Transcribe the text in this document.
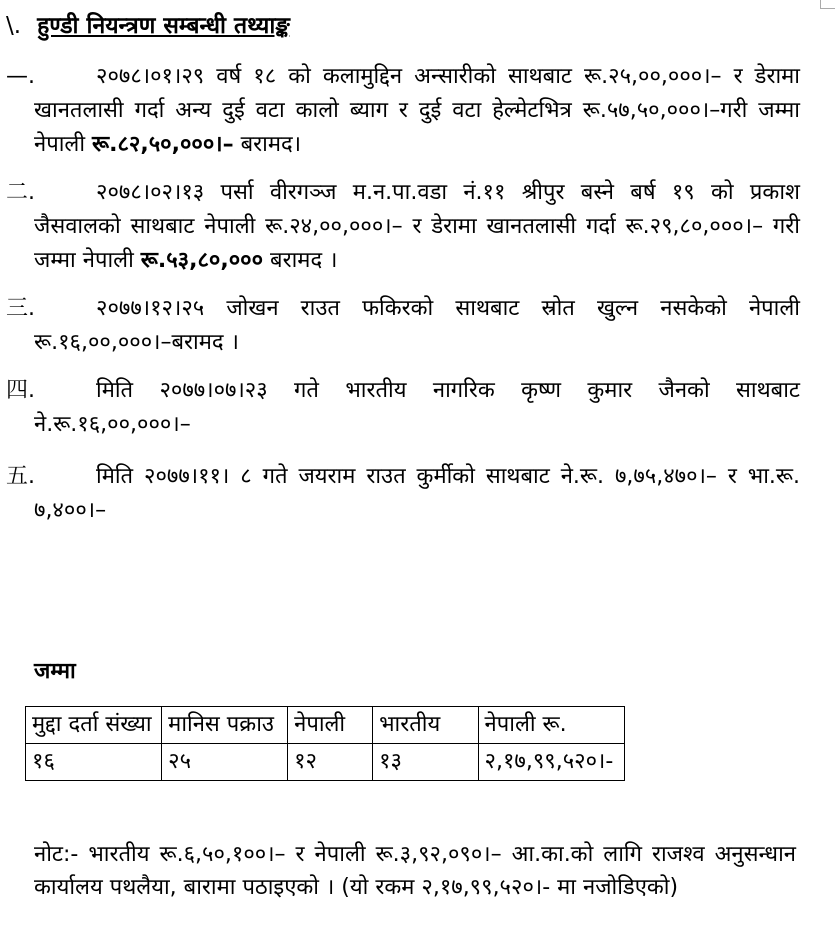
\. हुण्डी नियन्त्रण सम्बन्धी तथ्याङ्क
—.	२०७८।०१।२९ वर्ष १८ को कलामुद्दिन अन्सारीको साथबाट रू.२५,००,०००।– र डेरामा खानतलासी गर्दा अन्य दुई वटा कालो ब्याग र दुई वटा हेल्मेटभित्र रू.५७,५०,०००।–गरी जम्मा नेपाली रू.८२,५०,०००।– बरामद।
二.	२०७८।०२।१३ पर्सा वीरगञ्ज म.न.पा.वडा नं.११ श्रीपुर बस्ने बर्ष १९ को प्रकाश जैसवालको साथबाट नेपाली रू.२४,००,०००।– र डेरामा खानतलासी गर्दा रू.२९,८०,०००।– गरी जम्मा नेपाली रू.५३,८०,००० बरामद ।
三.	२०७७।१२।२५ जोखन राउत फकिरको साथबाट स्रोत खुल्न नसकेको नेपाली रू.१६,००,०००।–बरामद ।
四.	मिति २०७७।०७।२३ गते भारतीय नागरिक कृष्ण कुमार जैनको साथबाट ने.रू.१६,००,०००।–
五.	मिति २०७७।११। ८ गते जयराम राउत कुर्मीको साथबाट ने.रू. ७,७५,४७०।– र भा.रू. ७,४००।–
जम्मा
मुद्दा दर्ता संख्या	मानिस पक्राउ	नेपाली	भारतीय	नेपाली रू.
१६	२५	१२	१३	२,१७,९९,५२०।-
नोट:- भारतीय रू.६,५०,१००।– र नेपाली रू.३,९२,०९०।– आ.का.को लागि राजश्व अनुसन्धान कार्यालय पथलैया, बारामा पठाइएको । (यो रकम २,१७,९९,५२०।- मा नजोडिएको)
